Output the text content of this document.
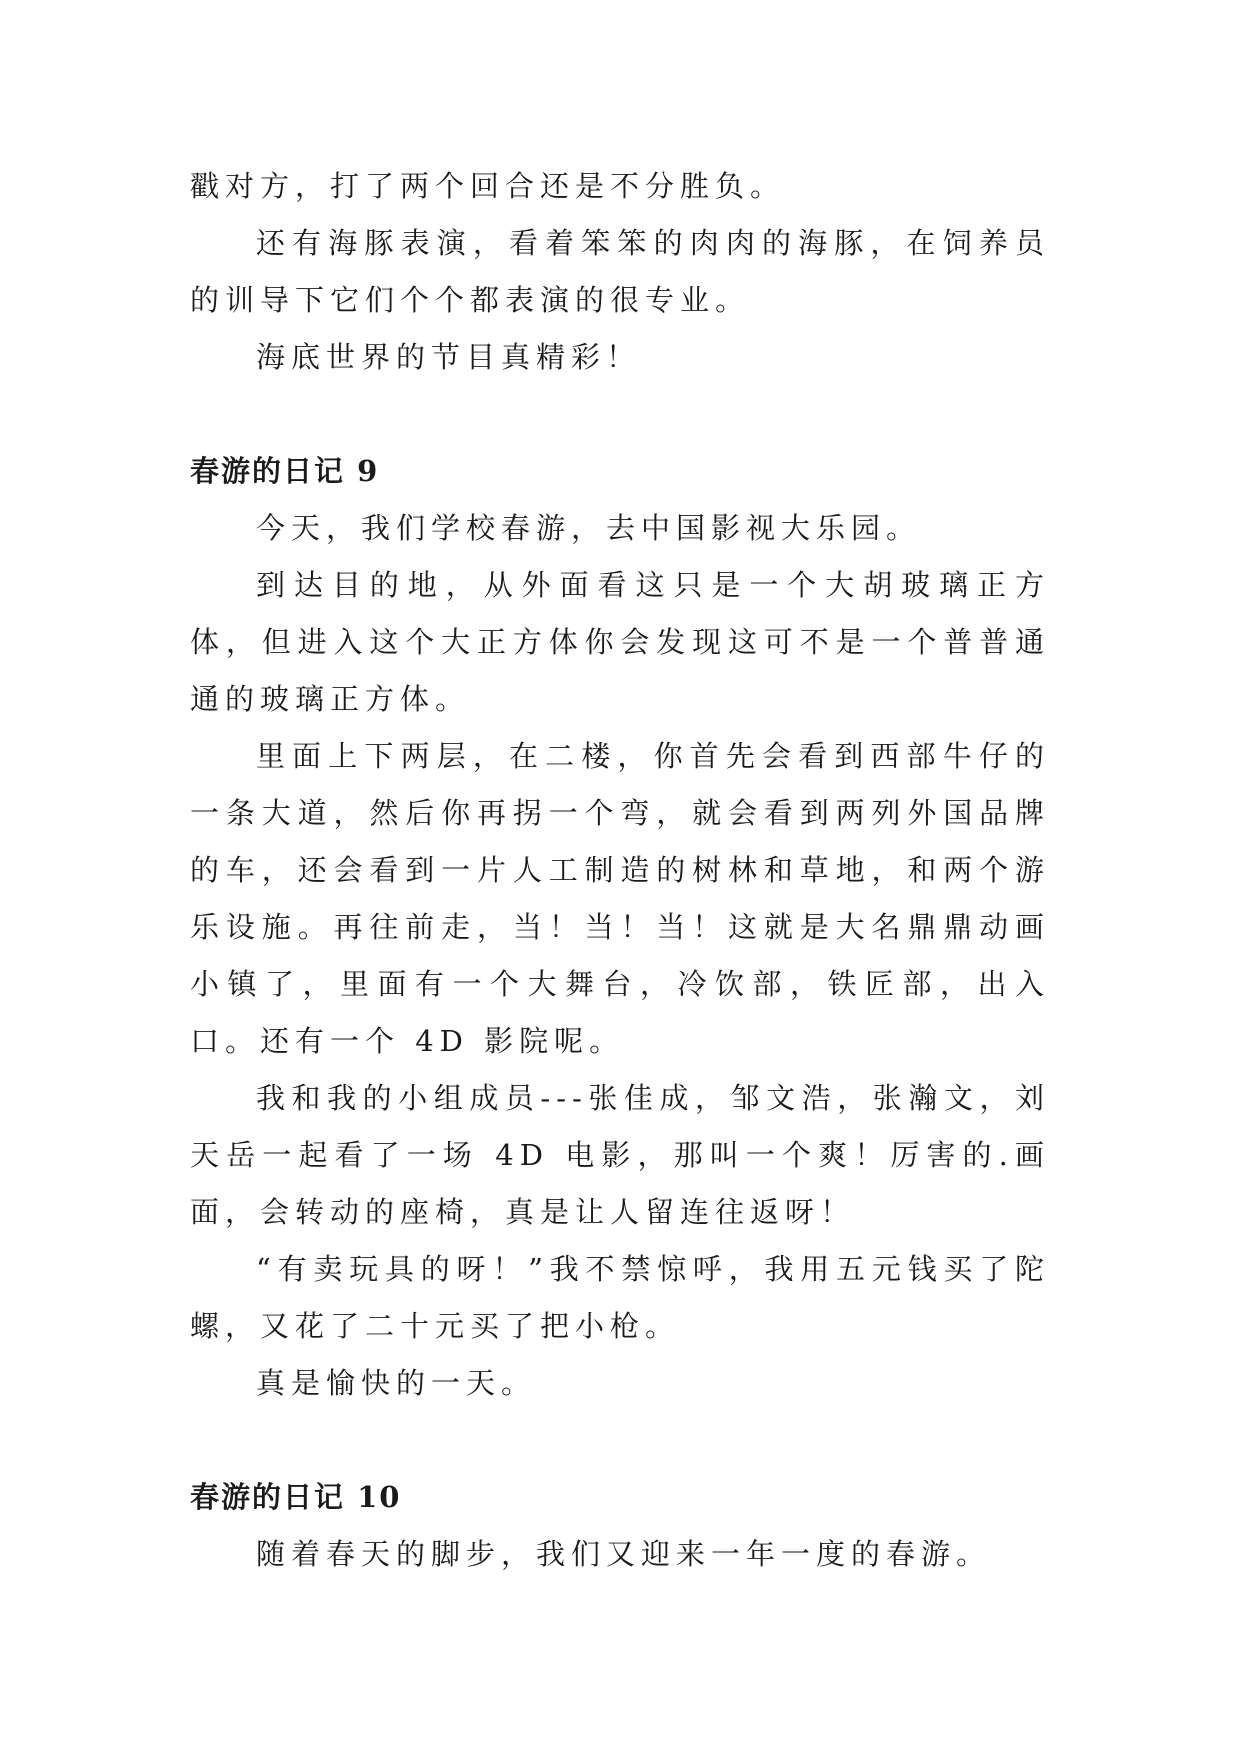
戳对方，打了两个回合还是不分胜负。

还有海豚表演，看着笨笨的肉肉的海豚，在饲养员的训导下它们个个都表演的很专业。

海底世界的节目真精彩！

春游的日记 9

今天，我们学校春游，去中国影视大乐园。

到达目的地，从外面看这只是一个大胡玻璃正方体，但进入这个大正方体你会发现这可不是一个普普通通的玻璃正方体。

里面上下两层，在二楼，你首先会看到西部牛仔的一条大道，然后你再拐一个弯，就会看到两列外国品牌的车，还会看到一片人工制造的树林和草地，和两个游乐设施。再往前走，当！当！当！这就是大名鼎鼎动画小镇了，里面有一个大舞台，冷饮部，铁匠部，出入口。还有一个 4D 影院呢。

我和我的小组成员---张佳成，邹文浩，张瀚文，刘天岳一起看了一场 4D 电影，那叫一个爽！厉害的.画面，会转动的座椅，真是让人留连往返呀！

“有卖玩具的呀！”我不禁惊呼，我用五元钱买了陀螺，又花了二十元买了把小枪。

真是愉快的一天。

春游的日记 10

随着春天的脚步，我们又迎来一年一度的春游。
